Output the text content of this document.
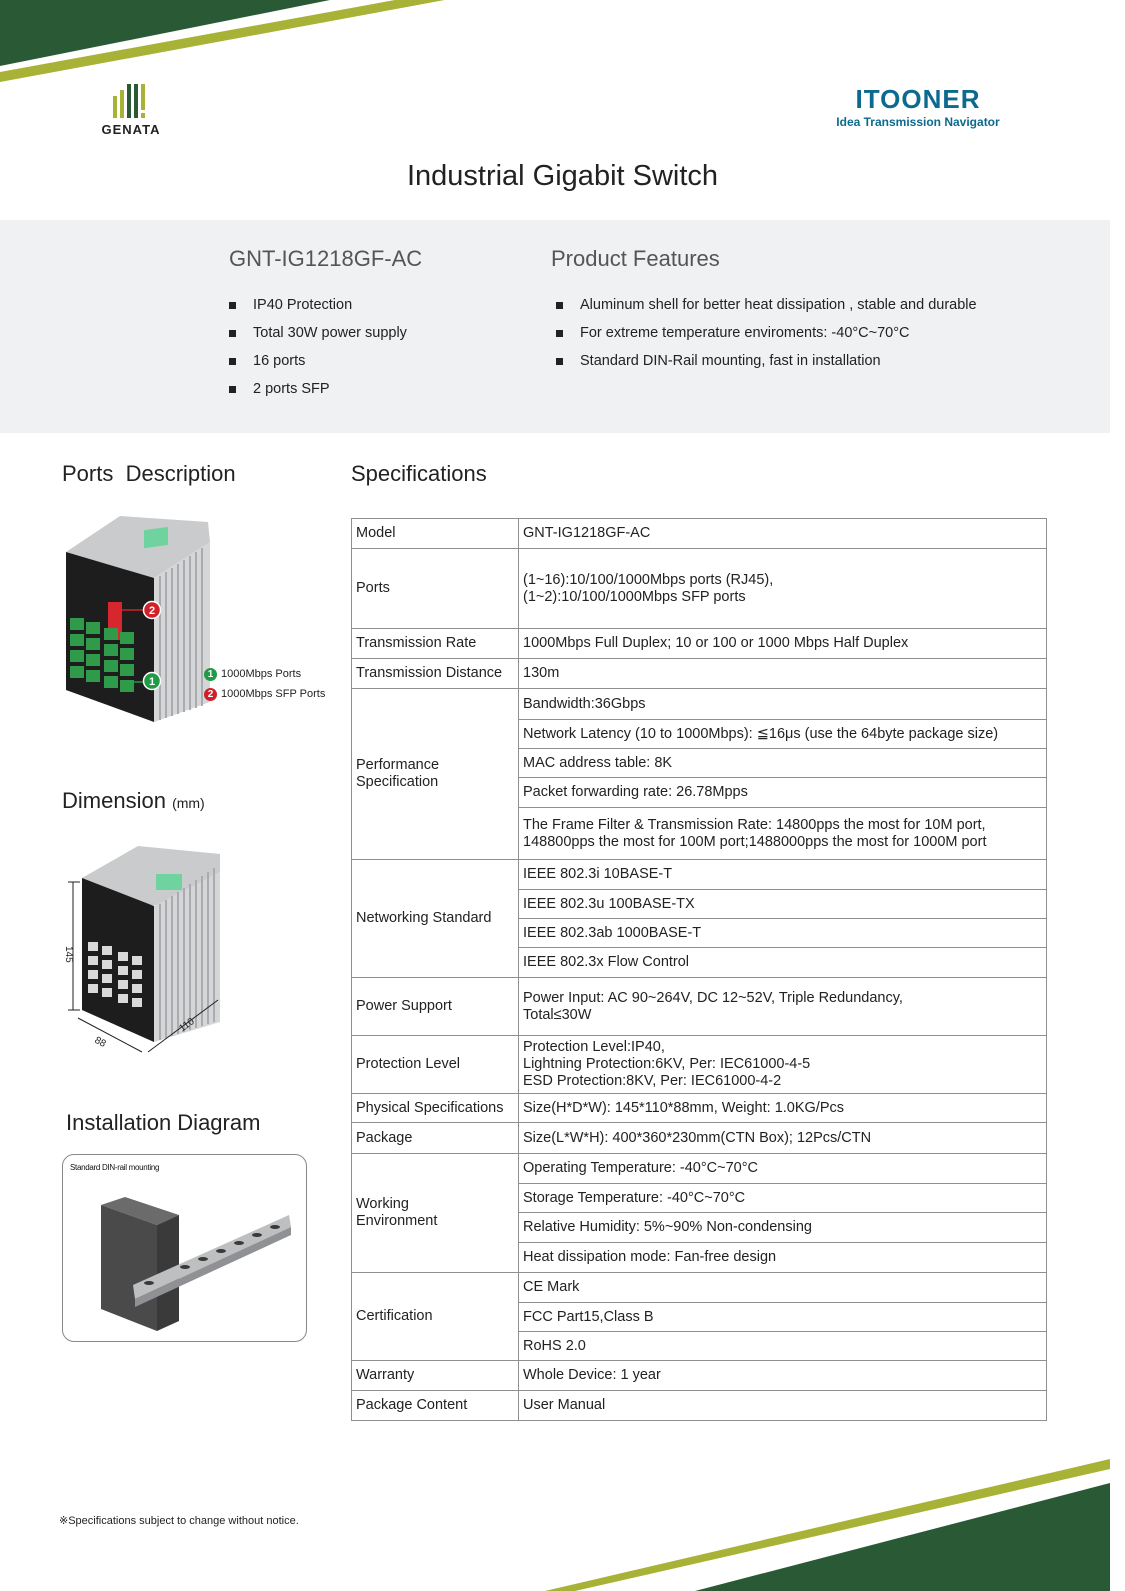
GENATA
ITOONER
Idea Transmission Navigator
Industrial Gigabit Switch
GNT-IG1218GF-AC	Product Features
IP40 Protection
Total 30W power supply
16 ports
2 ports SFP
Aluminum shell for better heat dissipation , stable and durable
For extreme temperature enviroments: -40°C~70°C
Standard DIN-Rail mounting, fast in installation
Ports  Description
2
1
1 1000Mbps Ports
2 1000Mbps SFP Ports
Dimension (mm)
145
88
110
Installation Diagram
Standard DIN-rail mounting
Specifications
Model	GNT-IG1218GF-AC
Ports	(1~16):10/100/1000Mbps ports (RJ45),
(1~2):10/100/1000Mbps SFP ports
Transmission Rate	1000Mbps Full Duplex; 10 or 100 or 1000 Mbps Half Duplex
Transmission Distance	130m
Performance
Specification	Bandwidth:36Gbps
	Network Latency (10 to 1000Mbps): ≦16μs (use the 64byte package size)
	MAC address table: 8K
	Packet forwarding rate: 26.78Mpps
	The Frame Filter & Transmission Rate: 14800pps the most for 10M port,
148800pps the most for 100M port;1488000pps the most for 1000M port
Networking Standard	IEEE 802.3i 10BASE-T
	IEEE 802.3u 100BASE-TX
	IEEE 802.3ab 1000BASE-T
	IEEE 802.3x Flow Control
Power Support	Power Input: AC 90~264V, DC 12~52V, Triple Redundancy,
Total≤30W
Protection Level	Protection Level:IP40,
Lightning Protection:6KV, Per: IEC61000-4-5
ESD Protection:8KV, Per: IEC61000-4-2
Physical Specifications	Size(H*D*W): 145*110*88mm, Weight: 1.0KG/Pcs
Package	Size(L*W*H): 400*360*230mm(CTN Box); 12Pcs/CTN
Working
Environment	Operating Temperature: -40°C~70°C
	Storage Temperature: -40°C~70°C
	Relative Humidity: 5%~90% Non-condensing
	Heat dissipation mode: Fan-free design
Certification	CE Mark
	FCC Part15,Class B
	RoHS 2.0
Warranty	Whole Device: 1 year
Package Content	User Manual
※Specifications subject to change without notice.
